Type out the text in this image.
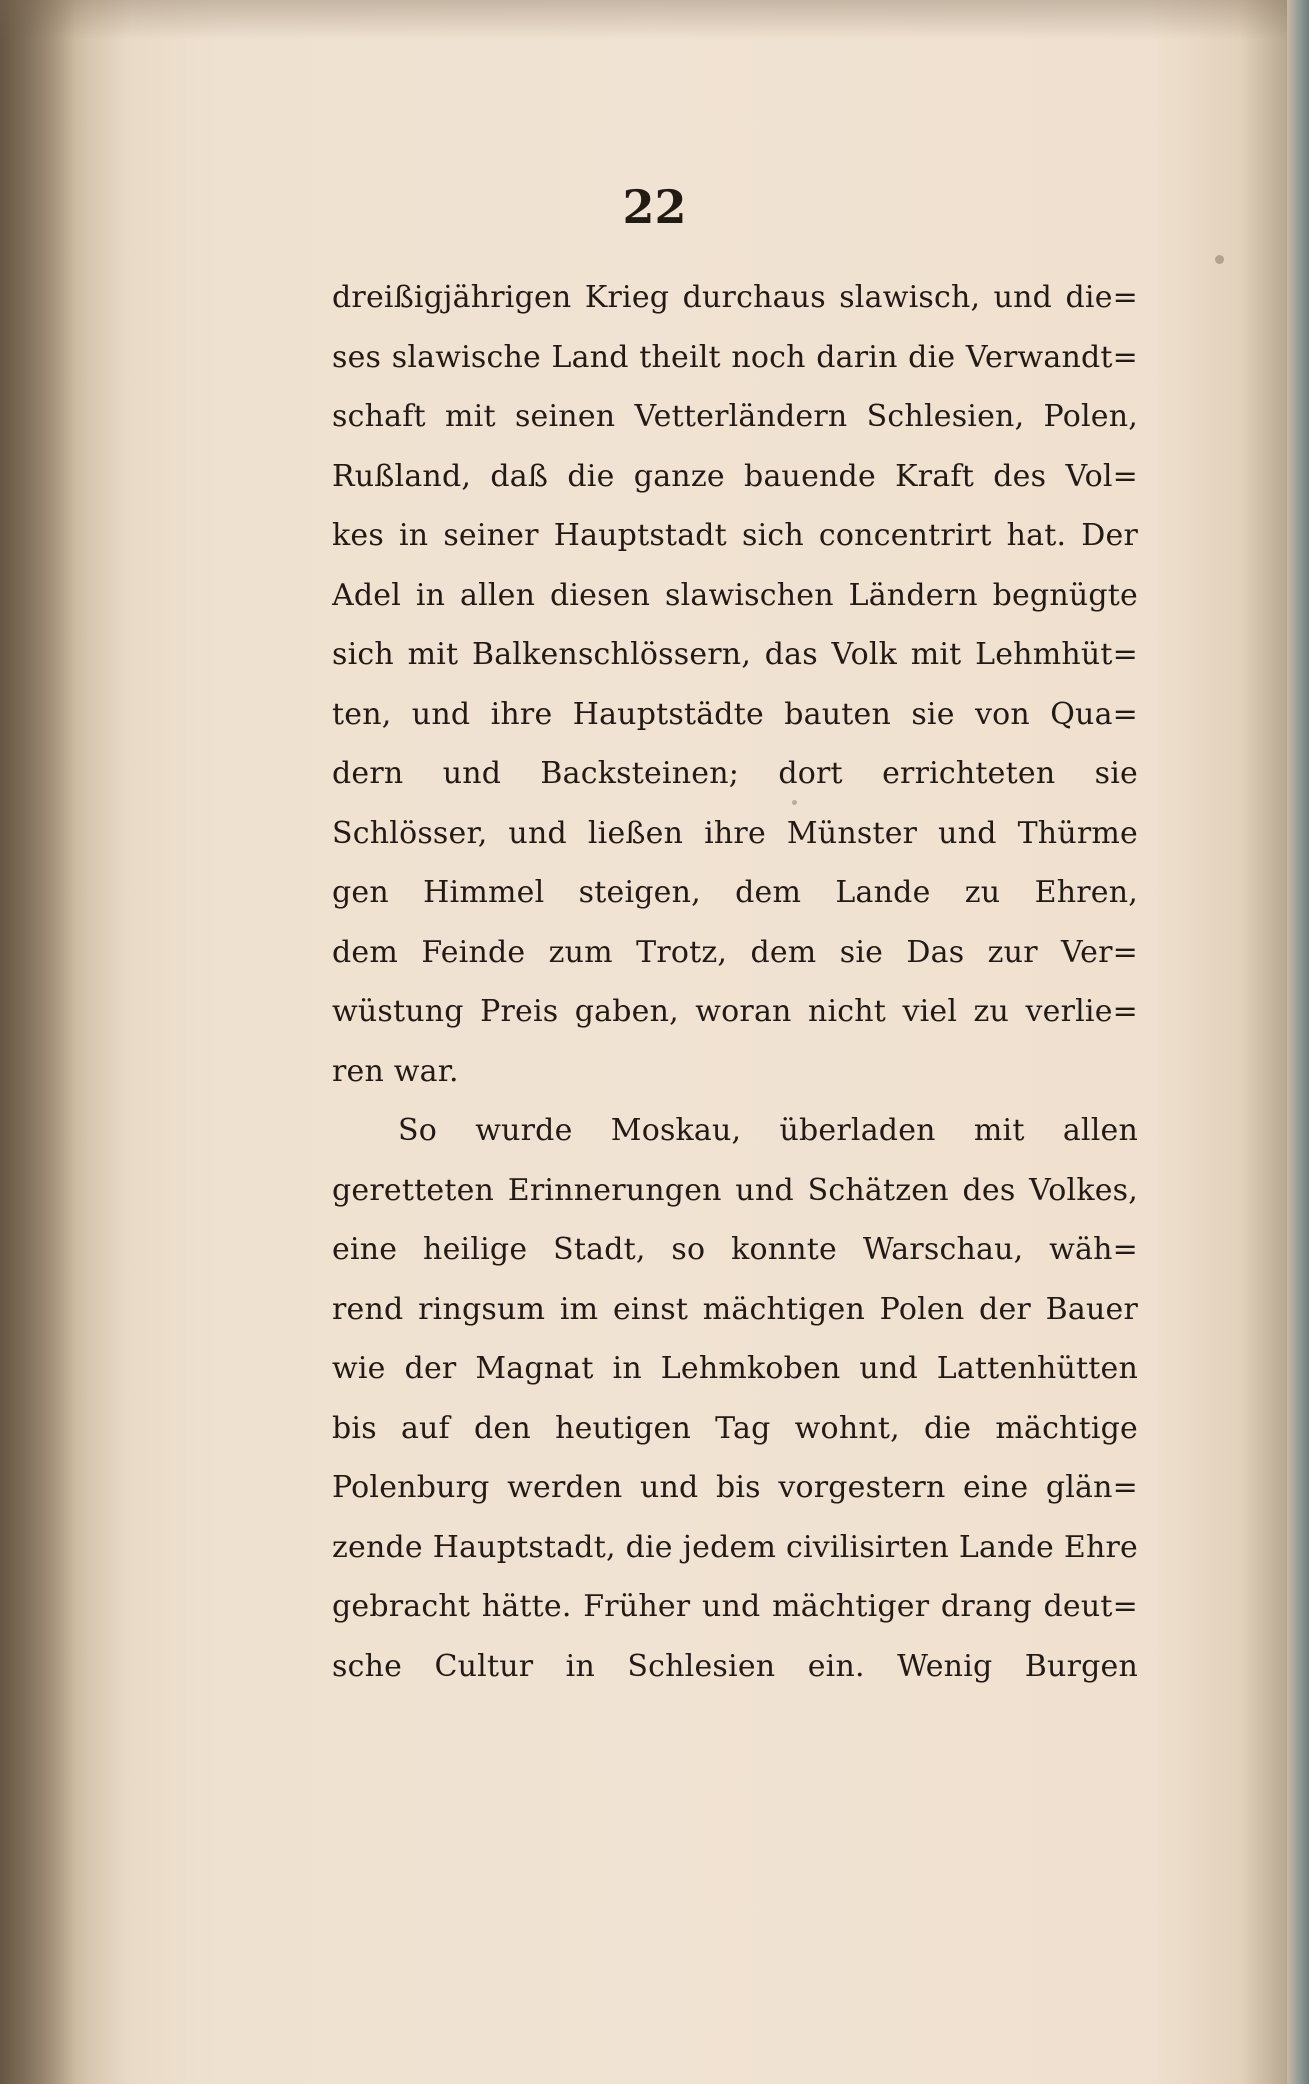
22
dreißigjährigen Krieg durchaus slawisch, und die=
ses slawische Land theilt noch darin die Verwandt=
schaft mit seinen Vetterländern Schlesien, Polen,
Rußland, daß die ganze bauende Kraft des Vol=
kes in seiner Hauptstadt sich concentrirt hat. Der
Adel in allen diesen slawischen Ländern begnügte
sich mit Balkenschlössern, das Volk mit Lehmhüt=
ten, und ihre Hauptstädte bauten sie von Qua=
dern und Backsteinen; dort errichteten sie
Schlösser, und ließen ihre Münster und Thürme
gen Himmel steigen, dem Lande zu Ehren,
dem Feinde zum Trotz, dem sie Das zur Ver=
wüstung Preis gaben, woran nicht viel zu verlie=
ren war.
So wurde Moskau, überladen mit allen
geretteten Erinnerungen und Schätzen des Volkes,
eine heilige Stadt, so konnte Warschau, wäh=
rend ringsum im einst mächtigen Polen der Bauer
wie der Magnat in Lehmkoben und Lattenhütten
bis auf den heutigen Tag wohnt, die mächtige
Polenburg werden und bis vorgestern eine glän=
zende Hauptstadt, die jedem civilisirten Lande Ehre
gebracht hätte. Früher und mächtiger drang deut=
sche Cultur in Schlesien ein. Wenig Burgen
